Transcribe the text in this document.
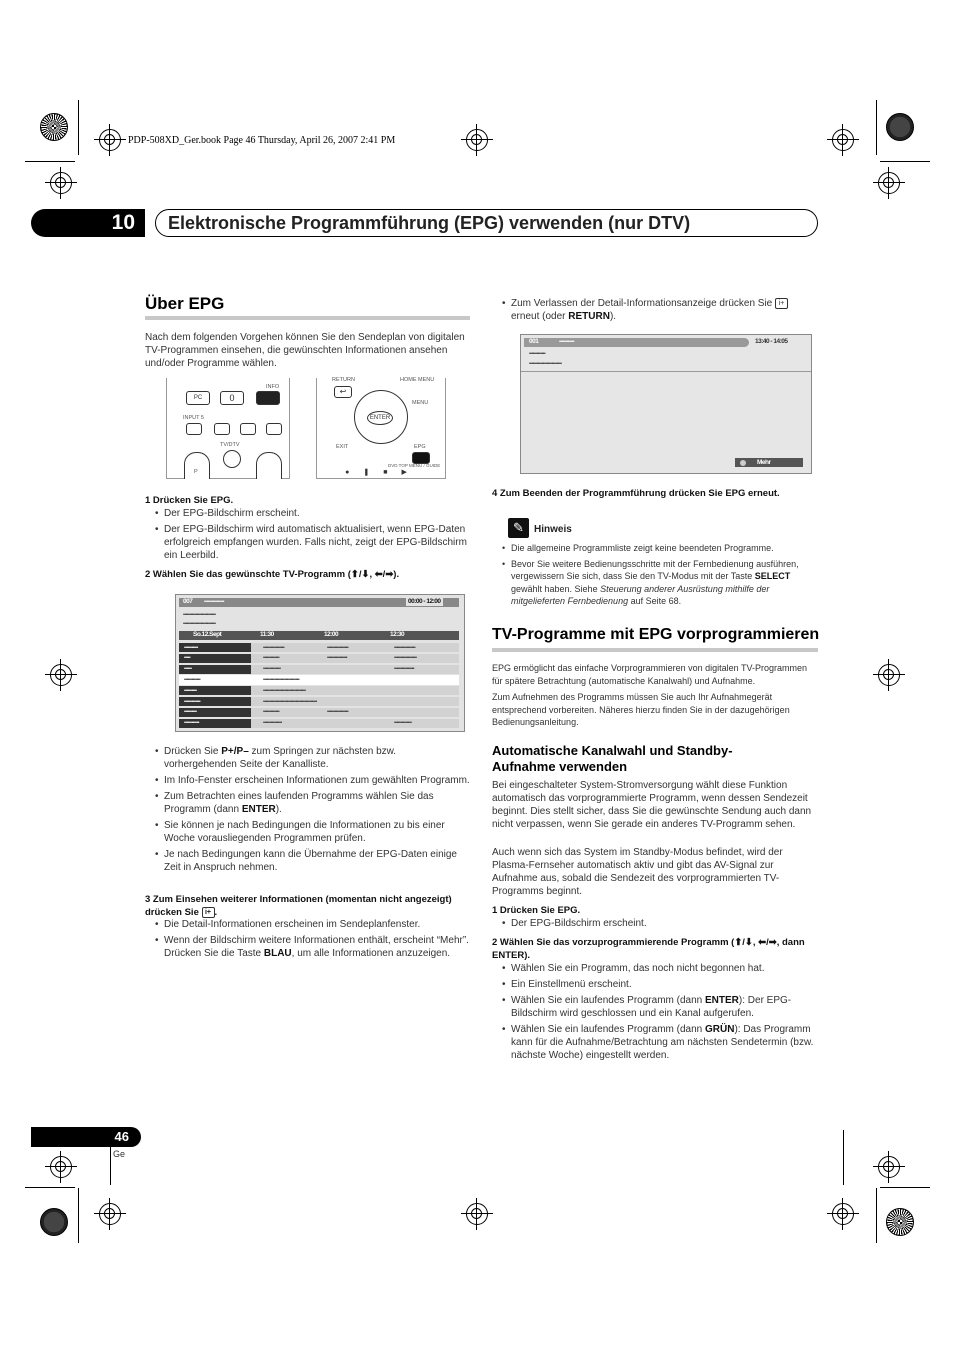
PDP-508XD_Ger.book Page 46 Thursday, April 26, 2007 2:41 PM
10	Elektronische Programmführung (EPG) verwenden (nur DTV)
Über EPG
Nach dem folgenden Vorgehen können Sie den Sendeplan von digitalen TV-Programmen einsehen, die gewünschten Informationen ansehen und/oder Programme wählen.
PC	0
INFO
INPUT 5
TV/DTV
P
RETURN
↩
HOME MENU
MENU
ENTER
EXIT	EPG
DVD TOP MENU / GUIDE
●❚■▶
1 Drücken Sie EPG.
• Der EPG-Bildschirm erscheint.
• Der EPG-Bildschirm wird automatisch aktualisiert, wenn EPG-Daten erfolgreich empfangen wurden. Falls nicht, zeigt der EPG-Bildschirm ein Leerbild.
2 Wählen Sie das gewünschte TV-Programm (⬆/⬇, ⬅/➡).
007 ••••••••••••••••	00:00 - 12:00
••••••••••••••••••••••••••
••••••••••••••••••••••••••
So.12.Sept	11:30	12:00	12:30
•••••••••••	•••••••••••••••••	•••••••••••••••••	•••••••••••••••••
•••••	•••••••••••••	••••••••••••••••	••••••••••••••••••
••••••	••••••••••••••	••••••••••••••••
•••••••••••••	•••••••••••••••••••••••••••••
••••••••••	••••••••••••••••••••••••••••••••••
•••••••••••••	•••••••••••••••••••••••••••••••••••••••••••
••••••••••	•••••••••••••	•••••••••••••••••
••••••••••••	•••••••••••••••	••••••••••••••
• Drücken Sie P+/P– zum Springen zur nächsten bzw. vorhergehenden Seite der Kanalliste.
• Im Info-Fenster erscheinen Informationen zum gewählten Programm.
• Zum Betrachten eines laufenden Programms wählen Sie das Programm (dann ENTER).
• Sie können je nach Bedingungen die Informationen zu bis einer Woche vorausliegenden Programmen prüfen.
• Je nach Bedingungen kann die Übernahme der EPG-Daten einige Zeit in Anspruch nehmen.
3 Zum Einsehen weiterer Informationen (momentan nicht angezeigt) drücken Sie i+ .
• Die Detail-Informationen erscheinen im Sendeplanfenster.
• Wenn der Bildschirm weitere Informationen enthält, erscheint “Mehr”. Drücken Sie die Taste BLAU, um alle Informationen anzuzeigen.
• Zum Verlassen der Detail-Informationsanzeige drücken Sie i+ erneut (oder RETURN).
001	••••••••••••	13:40 - 14:05
•••••••••••••
••••••••••••••••••••••••••
Mehr
4 Zum Beenden der Programmführung drücken Sie EPG erneut.
✎	Hinweis
• Die allgemeine Programmliste zeigt keine beendeten Programme.
• Bevor Sie weitere Bedienungsschritte mit der Fernbedienung ausführen, vergewissern Sie sich, dass Sie den TV-Modus mit der Taste SELECT gewählt haben. Siehe Steuerung anderer Ausrüstung mithilfe der mitgelieferten Fernbedienung auf Seite 68.
TV-Programme mit EPG vorprogrammieren
EPG ermöglicht das einfache Vorprogrammieren von digitalen TV-Programmen für spätere Betrachtung (automatische Kanalwahl) und Aufnahme.
Zum Aufnehmen des Programms müssen Sie auch Ihr Aufnahmegerät entsprechend vorbereiten. Näheres hierzu finden Sie in der dazugehörigen Bedienungsanleitung.
Automatische Kanalwahl und Standby-Aufnahme verwenden
Bei eingeschalteter System-Stromversorgung wählt diese Funktion automatisch das vorprogrammierte Programm, wenn dessen Sendezeit beginnt. Dies stellt sicher, dass Sie die gewünschte Sendung auch dann nicht verpassen, wenn Sie gerade ein anderes TV-Programm sehen.
Auch wenn sich das System im Standby-Modus befindet, wird der Plasma-Fernseher automatisch aktiv und gibt das AV-Signal zur Aufnahme aus, sobald die Sendezeit des vorprogrammierten TV-Programms beginnt.
1 Drücken Sie EPG.
• Der EPG-Bildschirm erscheint.
2 Wählen Sie das vorzuprogrammierende Programm (⬆/⬇, ⬅/➡, dann ENTER).
• Wählen Sie ein Programm, das noch nicht begonnen hat.
• Ein Einstellmenü erscheint.
• Wählen Sie ein laufendes Programm (dann ENTER): Der EPG-Bildschirm wird geschlossen und ein Kanal aufgerufen.
• Wählen Sie ein laufendes Programm (dann GRÜN): Das Programm kann für die Aufnahme/Betrachtung am nächsten Sendetermin (bzw. nächste Woche) eingestellt werden.
46
Ge
